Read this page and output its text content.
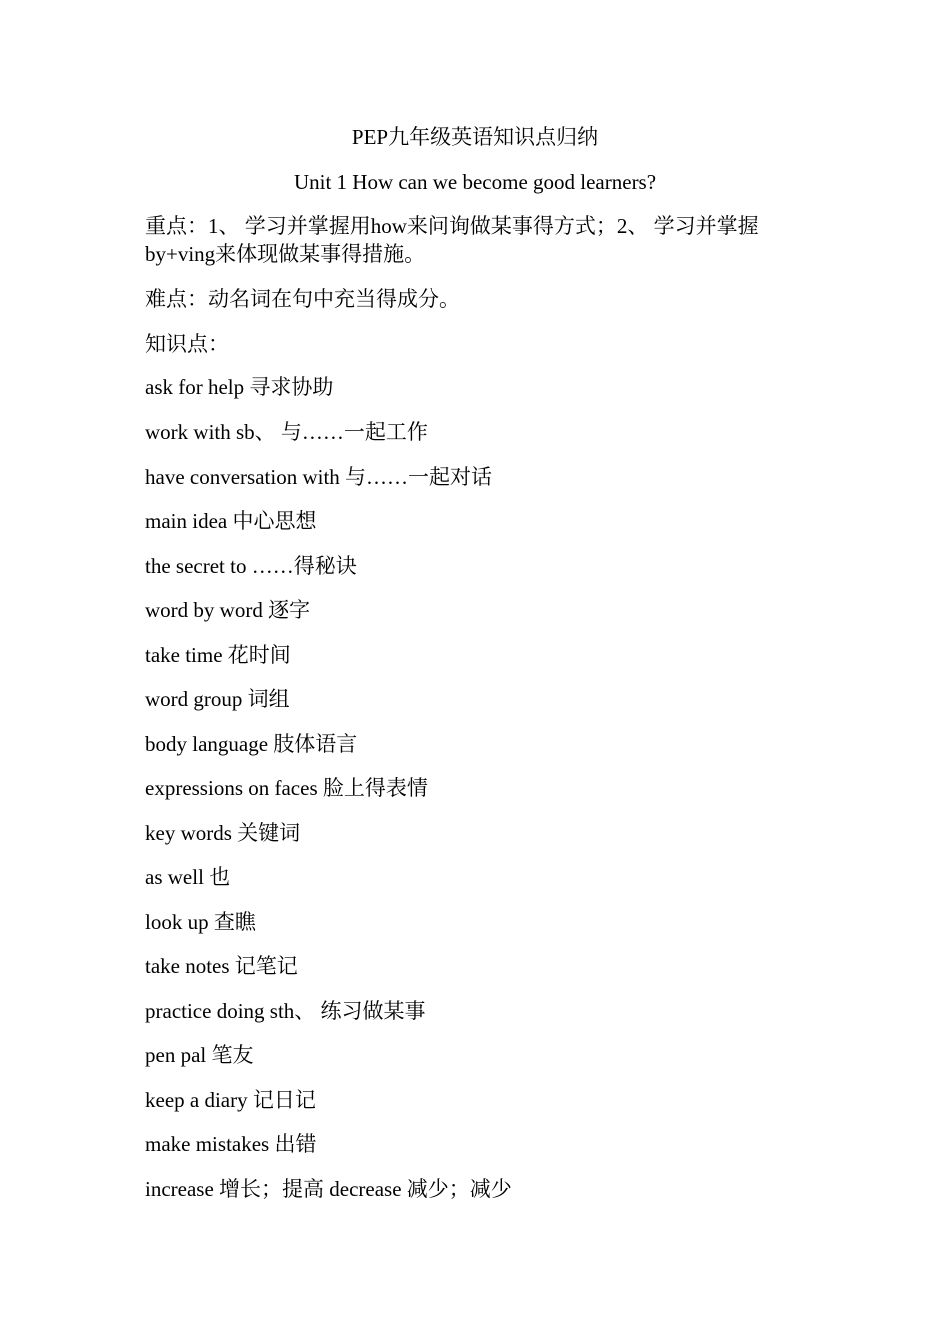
PEP九年级英语知识点归纳
Unit 1 How can we become good learners?
重点：1、 学习并掌握用how来问询做某事得方式；2、 学习并掌握by+ving来体现做某事得措施。
难点：动名词在句中充当得成分。
知识点：
ask for help 寻求协助
work with sb、 与……一起工作
have conversation with 与……一起对话
main idea 中心思想
the secret to ……得秘诀
word by word 逐字
take time 花时间
word group 词组
body language 肢体语言
expressions on faces 脸上得表情
key words 关键词
as well 也
look up 查瞧
take notes 记笔记
practice doing sth、 练习做某事
pen pal 笔友
keep a diary 记日记
make mistakes 出错
increase 增长；提高 decrease 减少；减少
